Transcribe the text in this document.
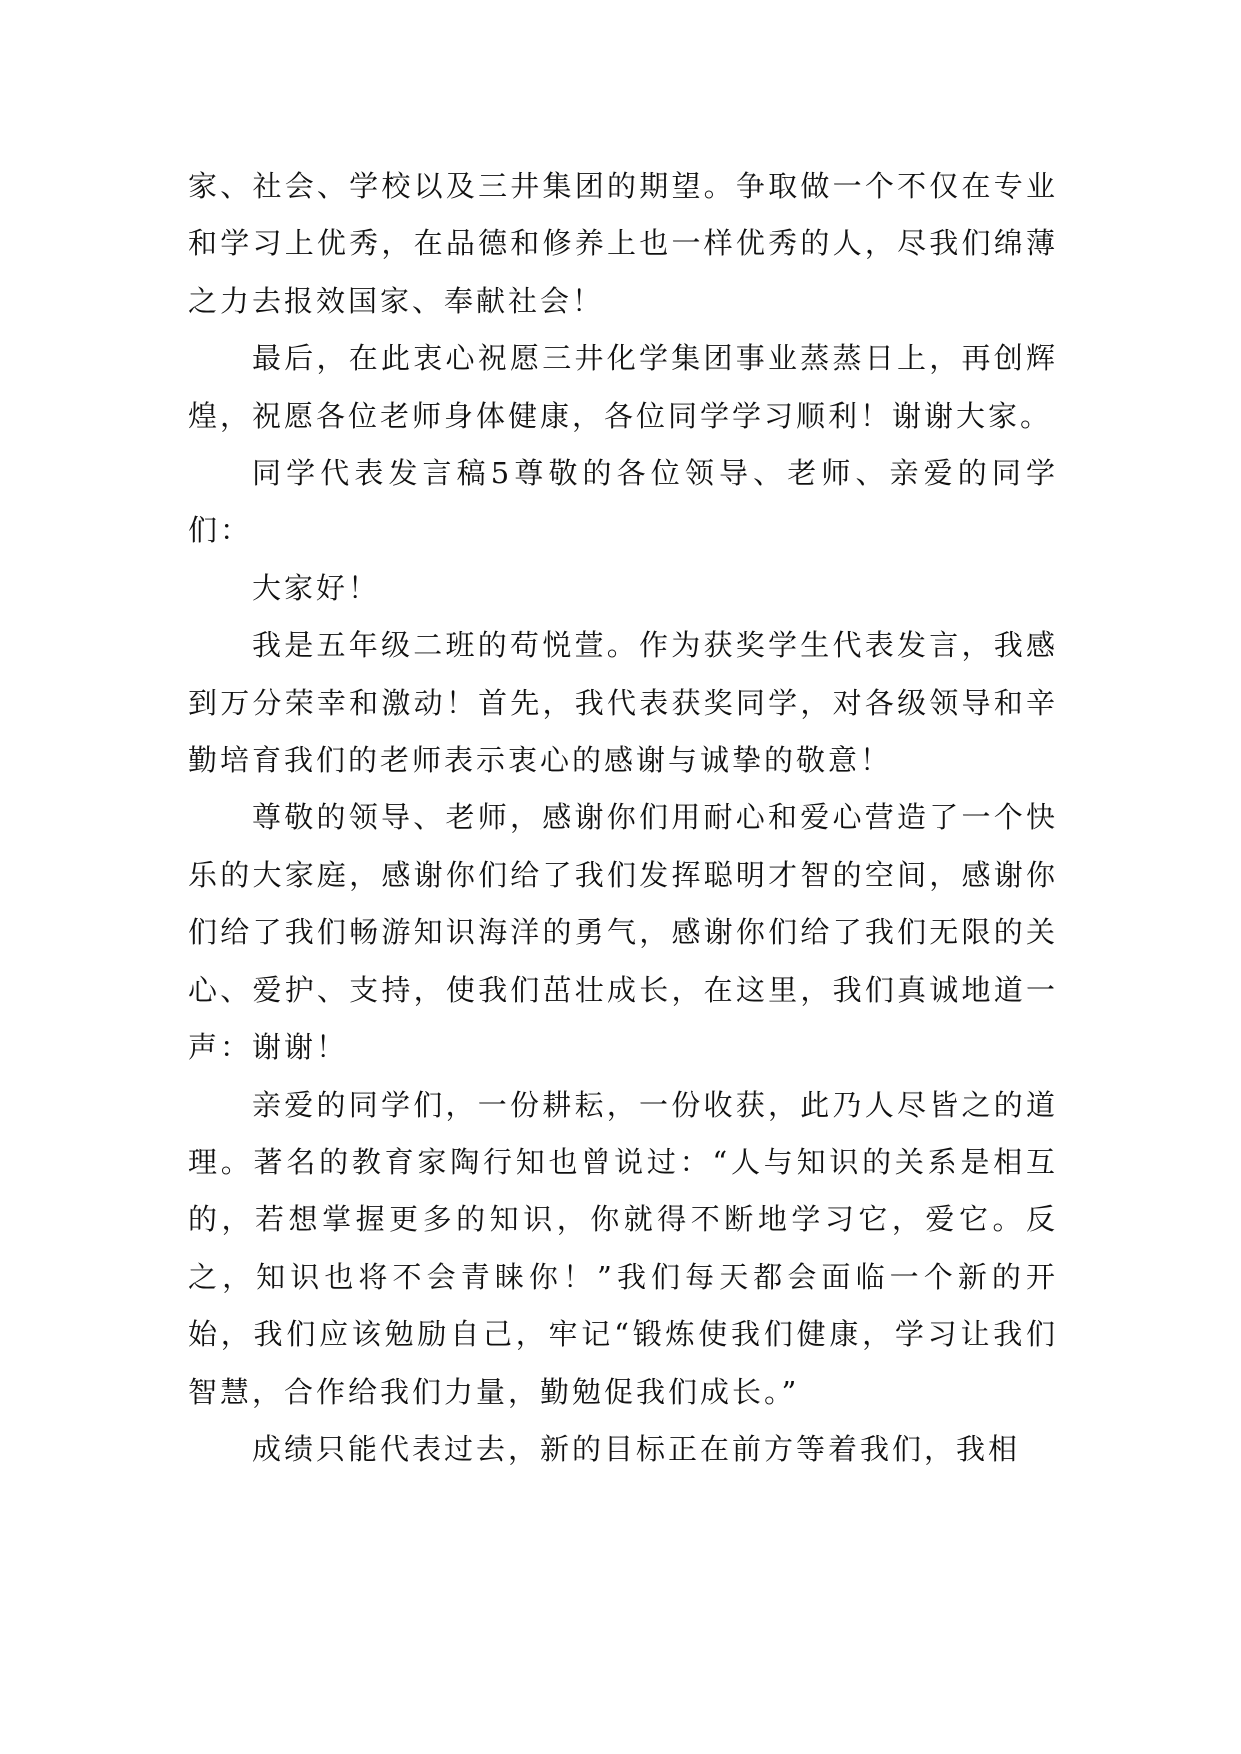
家、社会、学校以及三井集团的期望。争取做一个不仅在专业和学习上优秀，在品德和修养上也一样优秀的人，尽我们绵薄之力去报效国家、奉献社会！

最后，在此衷心祝愿三井化学集团事业蒸蒸日上，再创辉煌，祝愿各位老师身体健康，各位同学学习顺利！谢谢大家。

同学代表发言稿5尊敬的各位领导、老师、亲爱的同学们：

大家好！

我是五年级二班的苟悦萱。作为获奖学生代表发言，我感到万分荣幸和激动！首先，我代表获奖同学，对各级领导和辛勤培育我们的老师表示衷心的感谢与诚挚的敬意！

尊敬的领导、老师，感谢你们用耐心和爱心营造了一个快乐的大家庭，感谢你们给了我们发挥聪明才智的空间，感谢你们给了我们畅游知识海洋的勇气，感谢你们给了我们无限的关心、爱护、支持，使我们茁壮成长，在这里，我们真诚地道一声：谢谢！

亲爱的同学们，一份耕耘，一份收获，此乃人尽皆之的道理。著名的教育家陶行知也曾说过：“人与知识的关系是相互的，若想掌握更多的知识，你就得不断地学习它，爱它。反之，知识也将不会青睐你！”我们每天都会面临一个新的开始，我们应该勉励自己，牢记“锻炼使我们健康，学习让我们智慧，合作给我们力量，勤勉促我们成长。”

成绩只能代表过去，新的目标正在前方等着我们，我相
